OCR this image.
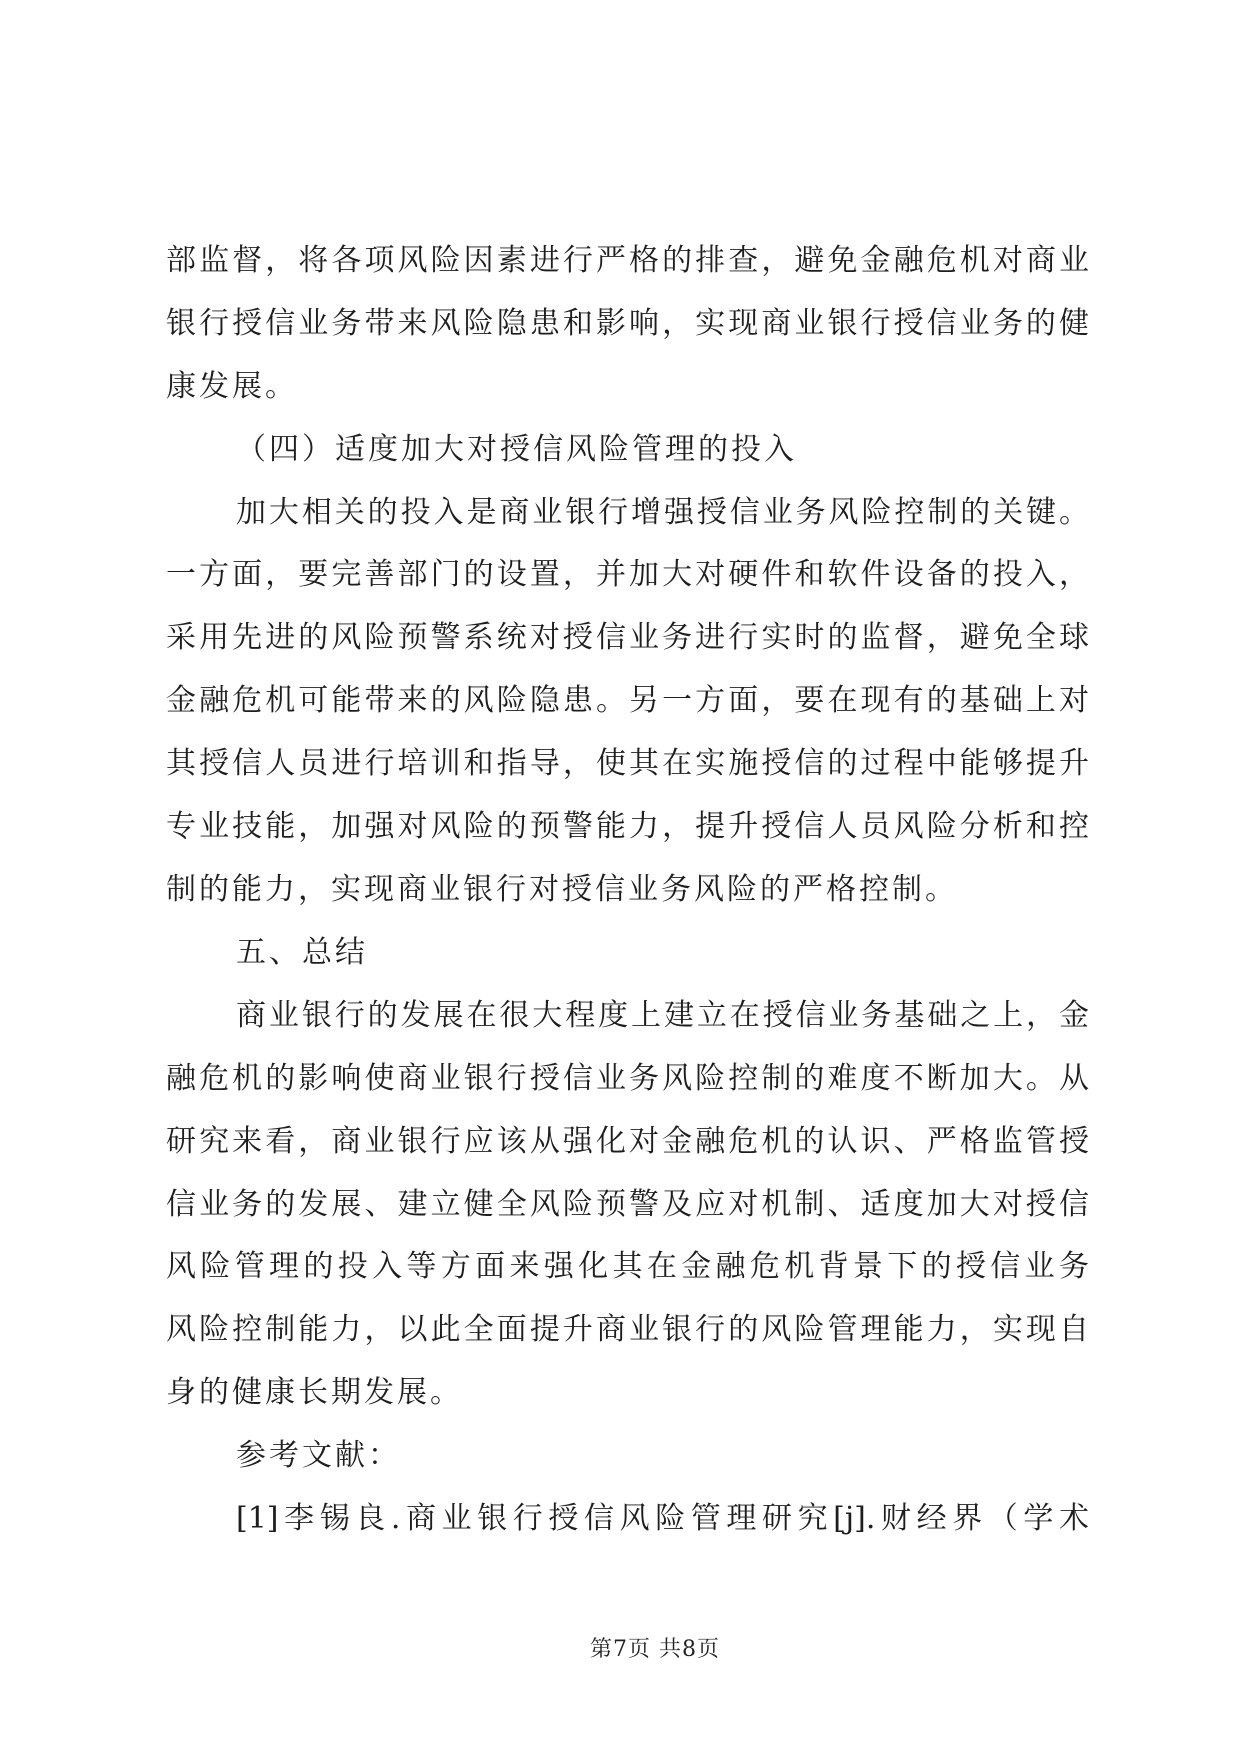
部监督，将各项风险因素进行严格的排查，避免金融危机对商业
银行授信业务带来风险隐患和影响，实现商业银行授信业务的健
康发展。
（四）适度加大对授信风险管理的投入
加大相关的投入是商业银行增强授信业务风险控制的关键。
一方面，要完善部门的设置，并加大对硬件和软件设备的投入，
采用先进的风险预警系统对授信业务进行实时的监督，避免全球
金融危机可能带来的风险隐患。另一方面，要在现有的基础上对
其授信人员进行培训和指导，使其在实施授信的过程中能够提升
专业技能，加强对风险的预警能力，提升授信人员风险分析和控
制的能力，实现商业银行对授信业务风险的严格控制。
五、总结
商业银行的发展在很大程度上建立在授信业务基础之上，金
融危机的影响使商业银行授信业务风险控制的难度不断加大。从
研究来看，商业银行应该从强化对金融危机的认识、严格监管授
信业务的发展、建立健全风险预警及应对机制、适度加大对授信
风险管理的投入等方面来强化其在金融危机背景下的授信业务
风险控制能力，以此全面提升商业银行的风险管理能力，实现自
身的健康长期发展。
参考文献：
[1]李锡良.商业银行授信风险管理研究[j].财经界（学术
第7页 共8页
